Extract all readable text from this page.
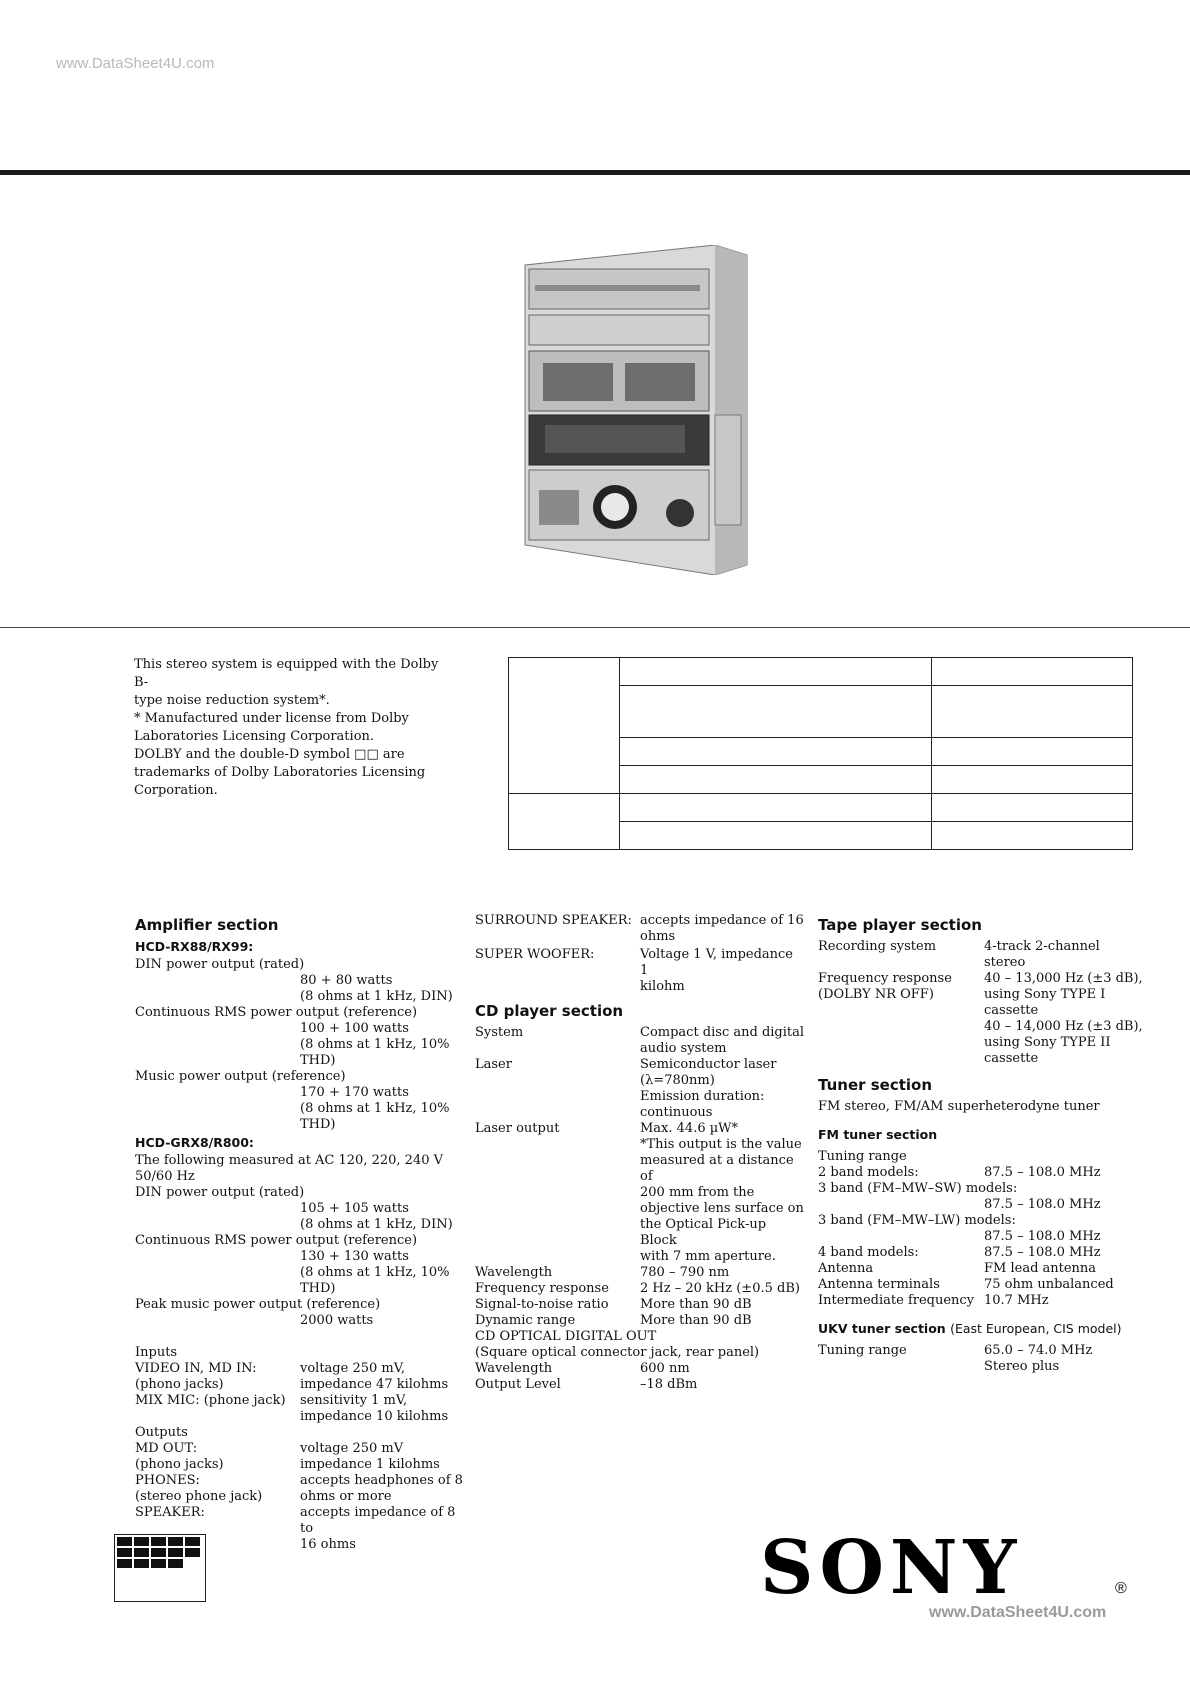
www.DataSheet4U.com
This stereo system is equipped with the Dolby B-
type noise reduction system*.
* Manufactured under license from Dolby
Laboratories Licensing Corporation.
DOLBY and the double-D symbol □□ are
trademarks of Dolby Laboratories Licensing
Corporation.

Amplifier section
HCD-RX88/RX99:
DIN power output (rated)
80 + 80 watts
(8 ohms at 1 kHz, DIN)
Continuous RMS power output (reference)
100 + 100 watts
(8 ohms at 1 kHz, 10%
THD)
Music power output (reference)
170 + 170 watts
(8 ohms at 1 kHz, 10%
THD)
HCD-GRX8/R800:
The following measured at AC 120, 220, 240 V
50/60 Hz
DIN power output (rated)
105 + 105 watts
(8 ohms at 1 kHz, DIN)
Continuous RMS power output (reference)
130 + 130 watts
(8 ohms at 1 kHz, 10%
THD)
Peak music power output (reference)
2000 watts
Inputs
VIDEO IN, MD IN:	voltage 250 mV,
(phono jacks)	impedance 47 kilohms
MIX MIC: (phone jack)	sensitivity 1 mV,
impedance 10 kilohms
Outputs
MD OUT:	voltage 250 mV
(phono jacks)	impedance 1 kilohms
PHONES:	accepts headphones of 8
(stereo phone jack)	ohms or more
SPEAKER:	accepts impedance of 8 to
16 ohms
SURROUND SPEAKER: accepts impedance of 16
ohms
SUPER WOOFER:	Voltage 1 V, impedance 1
kilohm
CD player section
System	Compact disc and digital
audio system
Laser	Semiconductor laser
(λ=780nm)
Emission duration:
continuous
Laser output	Max. 44.6 µW*
*This output is the value
measured at a distance of
200 mm from the
objective lens surface on
the Optical Pick-up Block
with 7 mm aperture.
Wavelength	780 – 790 nm
Frequency response	2 Hz – 20 kHz (±0.5 dB)
Signal-to-noise ratio	More than 90 dB
Dynamic range	More than 90 dB
CD OPTICAL DIGITAL OUT
(Square optical connector jack, rear panel)
Wavelength	600 nm
Output Level	–18 dBm
Tape player section
Recording system	4-track 2-channel stereo
Frequency response	40 – 13,000 Hz (±3 dB),
(DOLBY NR OFF)	using Sony TYPE I
cassette
40 – 14,000 Hz (±3 dB),
using Sony TYPE II
cassette
Tuner section
FM stereo, FM/AM superheterodyne tuner
FM tuner section
Tuning range
2 band models:	87.5 – 108.0 MHz
3 band (FM–MW–SW) models:
87.5 – 108.0 MHz
3 band (FM–MW–LW) models:
87.5 – 108.0 MHz
4 band models:	87.5 – 108.0 MHz
Antenna	FM lead antenna
Antenna terminals	75 ohm unbalanced
Intermediate frequency 10.7 MHz
UKV tuner section (East European, CIS model)
Tuning range	65.0 – 74.0 MHz
Stereo plus
SONY	®
www.DataSheet4U.com
